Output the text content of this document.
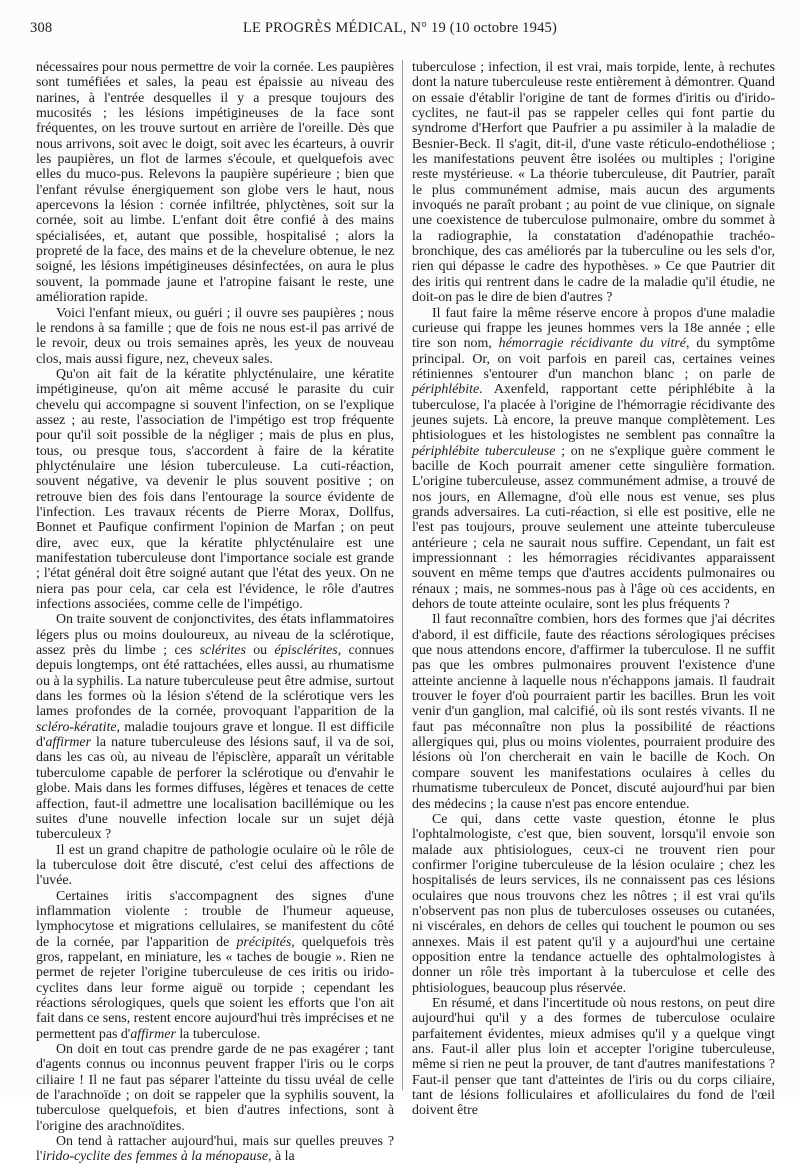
308	LE PROGRÈS MÉDICAL, N° 19 (10 octobre 1945)

nécessaires pour nous permettre de voir la cornée. Les paupières sont tuméfiées et sales, la peau est épaissie au niveau des narines, à l'entrée desquelles il y a presque toujours des mucosités ; les lésions impétigineuses de la face sont fréquentes, on les trouve surtout en arrière de l'oreille. Dès que nous arrivons, soit avec le doigt, soit avec les écarteurs, à ouvrir les paupières, un flot de larmes s'écoule, et quelquefois avec elles du muco-pus. Relevons la paupière supérieure ; bien que l'enfant révulse énergiquement son globe vers le haut, nous apercevons la lésion : cornée infiltrée, phlyctènes, soit sur la cornée, soit au limbe. L'enfant doit être confié à des mains spécialisées, et, autant que possible, hospitalisé ; alors la propreté de la face, des mains et de la chevelure obtenue, le nez soigné, les lésions impétigineuses désinfectées, on aura le plus souvent, la pommade jaune et l'atropine faisant le reste, une amélioration rapide.

Voici l'enfant mieux, ou guéri ; il ouvre ses paupières ; nous le rendons à sa famille ; que de fois ne nous est-il pas arrivé de le revoir, deux ou trois semaines après, les yeux de nouveau clos, mais aussi figure, nez, cheveux sales.

Qu'on ait fait de la kératite phlycténulaire, une kératite impétigineuse, qu'on ait même accusé le parasite du cuir chevelu qui accompagne si souvent l'infection, on se l'explique assez ; au reste, l'association de l'impétigo est trop fréquente pour qu'il soit possible de la négliger ; mais de plus en plus, tous, ou presque tous, s'accordent à faire de la kératite phlycténulaire une lésion tuberculeuse. La cuti-réaction, souvent négative, va devenir le plus souvent positive ; on retrouve bien des fois dans l'entourage la source évidente de l'infection. Les travaux récents de Pierre Morax, Dollfus, Bonnet et Paufique confirment l'opinion de Marfan ; on peut dire, avec eux, que la kératite phlycténulaire est une manifestation tuberculeuse dont l'importance sociale est grande ; l'état général doit être soigné autant que l'état des yeux. On ne niera pas pour cela, car cela est l'évidence, le rôle d'autres infections associées, comme celle de l'impétigo.

On traite souvent de conjonctivites, des états inflammatoires légers plus ou moins douloureux, au niveau de la sclérotique, assez près du limbe ; ces sclérites ou épisclérites, connues depuis longtemps, ont été rattachées, elles aussi, au rhumatisme ou à la syphilis. La nature tuberculeuse peut être admise, surtout dans les formes où la lésion s'étend de la sclérotique vers les lames profondes de la cornée, provoquant l'apparition de la scléro-kératite, maladie toujours grave et longue. Il est difficile d'affirmer la nature tuberculeuse des lésions sauf, il va de soi, dans les cas où, au niveau de l'épisclère, apparaît un véritable tuberculome capable de perforer la sclérotique ou d'envahir le globe. Mais dans les formes diffuses, légères et tenaces de cette affection, faut-il admettre une localisation bacillémique ou les suites d'une nouvelle infection locale sur un sujet déjà tuberculeux ?

Il est un grand chapitre de pathologie oculaire où le rôle de la tuberculose doit être discuté, c'est celui des affections de l'uvée.

Certaines iritis s'accompagnent des signes d'une inflammation violente : trouble de l'humeur aqueuse, lymphocytose et migrations cellulaires, se manifestent du côté de la cornée, par l'apparition de précipités, quelquefois très gros, rappelant, en miniature, les « taches de bougie ». Rien ne permet de rejeter l'origine tuberculeuse de ces iritis ou irido-cyclites dans leur forme aiguë ou torpide ; cependant les réactions sérologiques, quels que soient les efforts que l'on ait fait dans ce sens, restent encore aujourd'hui très imprécises et ne permettent pas d'affirmer la tuberculose.

On doit en tout cas prendre garde de ne pas exagérer ; tant d'agents connus ou inconnus peuvent frapper l'iris ou le corps ciliaire ! Il ne faut pas séparer l'atteinte du tissu uvéal de celle de l'arachnoïde ; on doit se rappeler que la syphilis souvent, la tuberculose quelquefois, et bien d'autres infections, sont à l'origine des arachnoïdites.

On tend à rattacher aujourd'hui, mais sur quelles preuves ? l'irido-cyclite des femmes à la ménopause, à la

tuberculose ; infection, il est vrai, mais torpide, lente, à rechutes dont la nature tuberculeuse reste entièrement à démontrer. Quand on essaie d'établir l'origine de tant de formes d'iritis ou d'irido-cyclites, ne faut-il pas se rappeler celles qui font partie du syndrome d'Herfort que Paufrier a pu assimiler à la maladie de Besnier-Beck. Il s'agit, dit-il, d'une vaste réticulo-endothéliose ; les manifestations peuvent être isolées ou multiples ; l'origine reste mystérieuse. « La théorie tuberculeuse, dit Pautrier, paraît le plus communément admise, mais aucun des arguments invoqués ne paraît probant ; au point de vue clinique, on signale une coexistence de tuberculose pulmonaire, ombre du sommet à la radiographie, la constatation d'adénopathie trachéo-bronchique, des cas améliorés par la tuberculine ou les sels d'or, rien qui dépasse le cadre des hypothèses. » Ce que Pautrier dit des iritis qui rentrent dans le cadre de la maladie qu'il étudie, ne doit-on pas le dire de bien d'autres ?

Il faut faire la même réserve encore à propos d'une maladie curieuse qui frappe les jeunes hommes vers la 18e année ; elle tire son nom, hémorragie récidivante du vitré, du symptôme principal. Or, on voit parfois en pareil cas, certaines veines rétiniennes s'entourer d'un manchon blanc ; on parle de périphlébite. Axenfeld, rapportant cette périphlébite à la tuberculose, l'a placée à l'origine de l'hémorragie récidivante des jeunes sujets. Là encore, la preuve manque complètement. Les phtisiologues et les histologistes ne semblent pas connaître la périphlébite tuberculeuse ; on ne s'explique guère comment le bacille de Koch pourrait amener cette singulière formation. L'origine tuberculeuse, assez communément admise, a trouvé de nos jours, en Allemagne, d'où elle nous est venue, ses plus grands adversaires. La cuti-réaction, si elle est positive, elle ne l'est pas toujours, prouve seulement une atteinte tuberculeuse antérieure ; cela ne saurait nous suffire. Cependant, un fait est impressionnant : les hémorragies récidivantes apparaissent souvent en même temps que d'autres accidents pulmonaires ou rénaux ; mais, ne sommes-nous pas à l'âge où ces accidents, en dehors de toute atteinte oculaire, sont les plus fréquents ?

Il faut reconnaître combien, hors des formes que j'ai décrites d'abord, il est difficile, faute des réactions sérologiques précises que nous attendons encore, d'affirmer la tuberculose. Il ne suffit pas que les ombres pulmonaires prouvent l'existence d'une atteinte ancienne à laquelle nous n'échappons jamais. Il faudrait trouver le foyer d'où pourraient partir les bacilles. Brun les voit venir d'un ganglion, mal calcifié, où ils sont restés vivants. Il ne faut pas méconnaître non plus la possibilité de réactions allergiques qui, plus ou moins violentes, pourraient produire des lésions où l'on chercherait en vain le bacille de Koch. On compare souvent les manifestations oculaires à celles du rhumatisme tuberculeux de Poncet, discuté aujourd'hui par bien des médecins ; la cause n'est pas encore entendue.

Ce qui, dans cette vaste question, étonne le plus l'ophtalmologiste, c'est que, bien souvent, lorsqu'il envoie son malade aux phtisiologues, ceux-ci ne trouvent rien pour confirmer l'origine tuberculeuse de la lésion oculaire ; chez les hospitalisés de leurs services, ils ne connaissent pas ces lésions oculaires que nous trouvons chez les nôtres ; il est vrai qu'ils n'observent pas non plus de tuberculoses osseuses ou cutanées, ni viscérales, en dehors de celles qui touchent le poumon ou ses annexes. Mais il est patent qu'il y a aujourd'hui une certaine opposition entre la tendance actuelle des ophtalmologistes à donner un rôle très important à la tuberculose et celle des phtisiologues, beaucoup plus réservée.

En résumé, et dans l'incertitude où nous restons, on peut dire aujourd'hui qu'il y a des formes de tuberculose oculaire parfaitement évidentes, mieux admises qu'il y a quelque vingt ans. Faut-il aller plus loin et accepter l'origine tuberculeuse, même si rien ne peut la prouver, de tant d'autres manifestations ? Faut-il penser que tant d'atteintes de l'iris ou du corps ciliaire, tant de lésions folliculaires et afolliculaires du fond de l'œil doivent être
